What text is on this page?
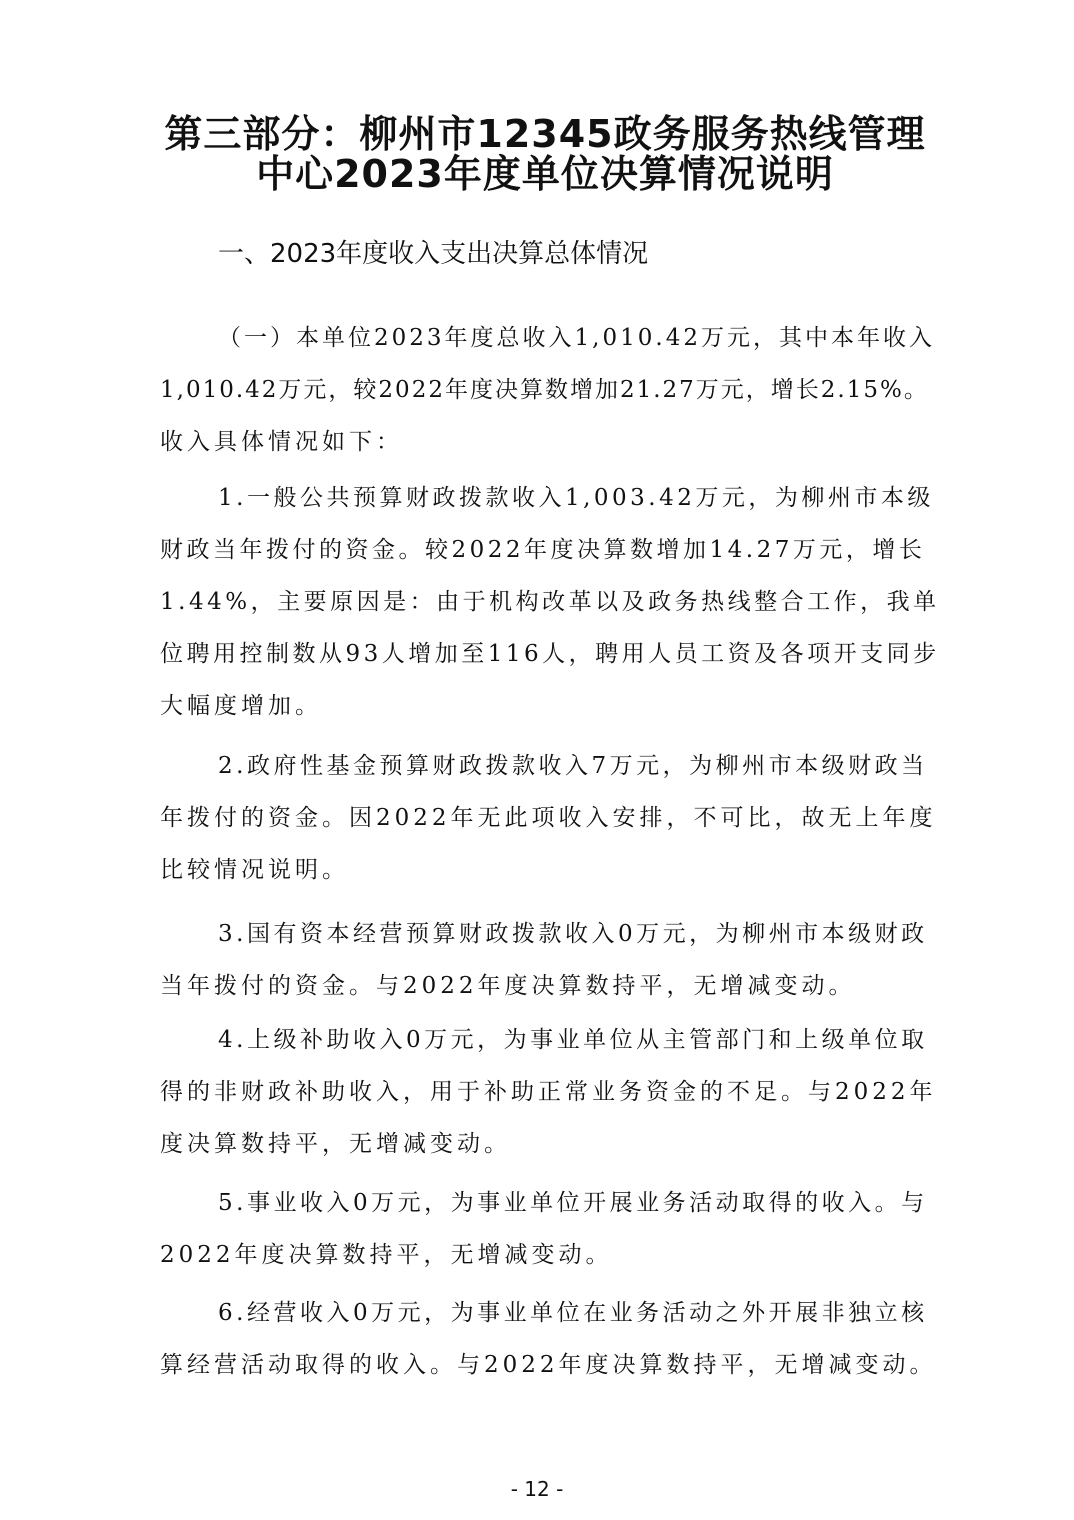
第三部分：柳州市12345政务服务热线管理
中心2023年度单位决算情况说明
一、2023年度收入支出决算总体情况
（一）本单位2023年度总收入1,010.42万元，其中本年收入
1,010.42万元，较2022年度决算数增加21.27万元，增长2.15%。
收入具体情况如下：
1.一般公共预算财政拨款收入1,003.42万元，为柳州市本级
财政当年拨付的资金。较2022年度决算数增加14.27万元，增长
1.44%，主要原因是：由于机构改革以及政务热线整合工作，我单
位聘用控制数从93人增加至116人，聘用人员工资及各项开支同步
大幅度增加。
2.政府性基金预算财政拨款收入7万元，为柳州市本级财政当
年拨付的资金。因2022年无此项收入安排，不可比，故无上年度
比较情况说明。
3.国有资本经营预算财政拨款收入0万元，为柳州市本级财政
当年拨付的资金。与2022年度决算数持平，无增减变动。
4.上级补助收入0万元，为事业单位从主管部门和上级单位取
得的非财政补助收入，用于补助正常业务资金的不足。与2022年
度决算数持平，无增减变动。
5.事业收入0万元，为事业单位开展业务活动取得的收入。与
2022年度决算数持平，无增减变动。
6.经营收入0万元，为事业单位在业务活动之外开展非独立核
算经营活动取得的收入。与2022年度决算数持平，无增减变动。
- 12 -
